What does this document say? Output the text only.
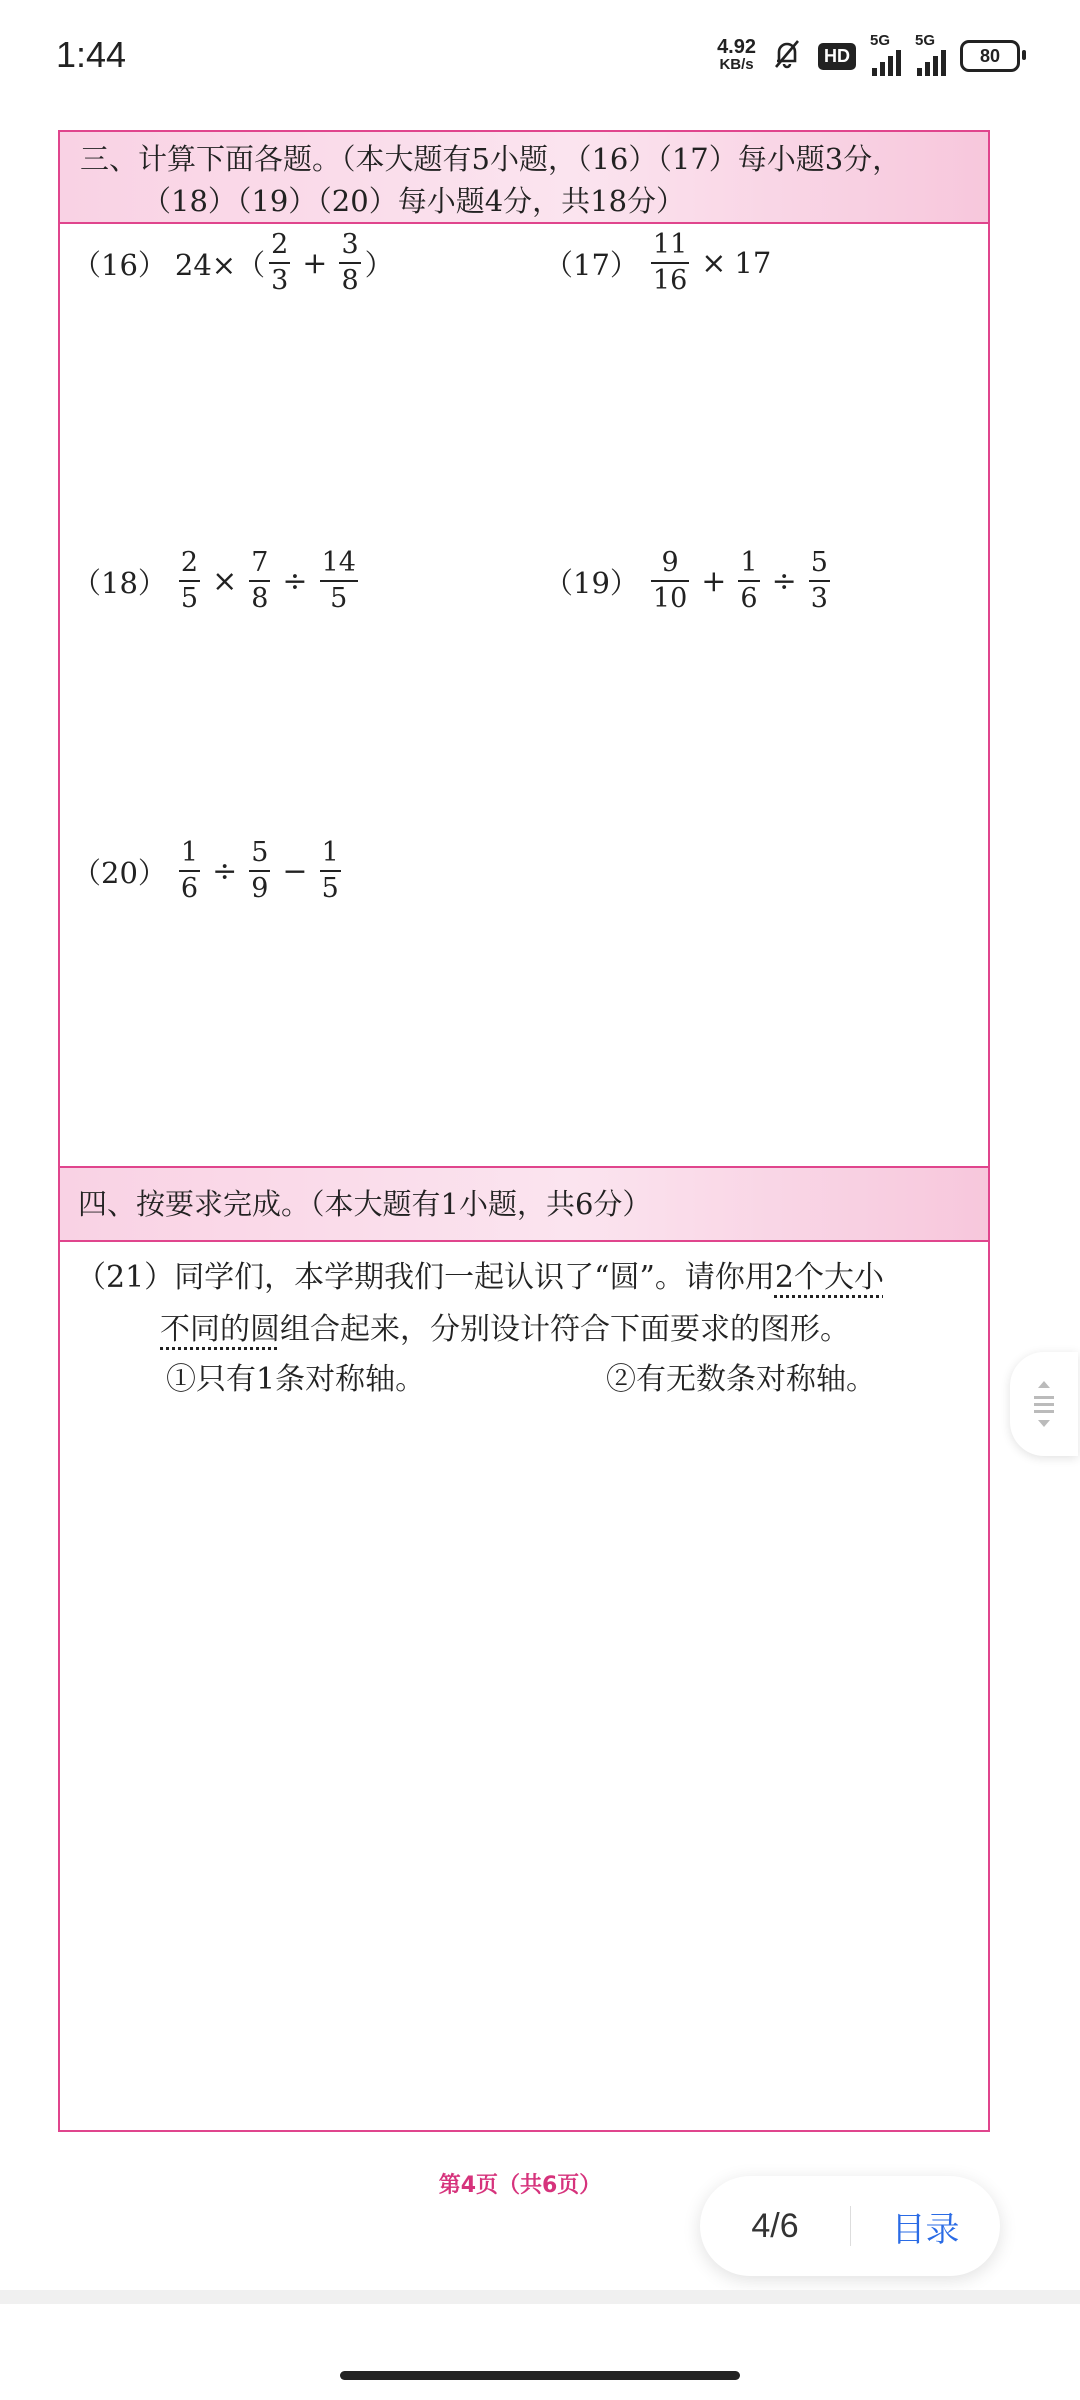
1:44	4.92
KB/s	HD
5G 5G
80
三、计算下面各题。（本大题有5小题，（16）（17）每小题3分，
（18）（19）（20）每小题4分，共18分）
（16） $24\times( \frac{2}{3} + \frac{3}{8}$ ）	$(17) \frac{11}{16} \times 17$
$(18) \frac{2}{5} \times \frac{7}{8} \div \frac{14}{5}$	$(19) \frac{9}{10} + \frac{1}{6} \div \frac{5}{3}$
$(20) \frac{1}{6} \div \frac{5}{9} - \frac{1}{5}$
四、按要求完成。（本大题有1小题，共6分）
（21）同学们，本学期我们一起认识了“圆”。请你用2个大小
不同的圆组合起来，分别设计符合下面要求的图形。
①只有1条对称轴。	②有无数条对称轴。
第4页（共6页）
4/6	目录
